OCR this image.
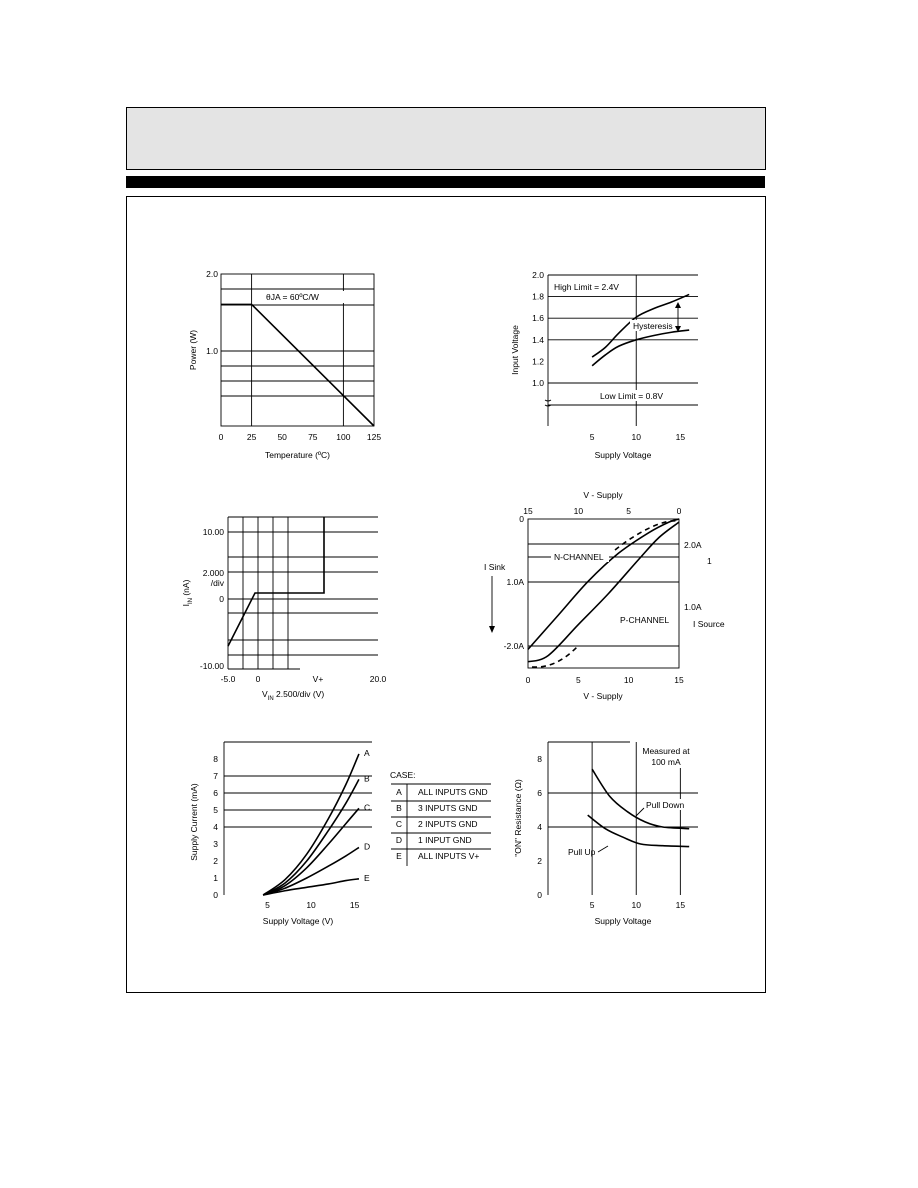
0	25 50 75 100 125
2.0
1.0
Temperature (ºC)
Power (W)
θJA = 60ºC/W
2.0
1.8
1.6
1.4
1.2
1.0
5	10	15
Supply Voltage
Input Voltage
High Limit = 2.4V
Hysteresis
Low Limit = 0.8V
10.00
2.000
/div
0
-10.00
-5.0 0	V+	20.0
$V_{IN}$ 2.500/div (V)
$I_{IN}$ (nA)
0	5	10	15
15	10	5	0
V - Supply
V - Supply
0
1.0A
-2.0A
2.0A
1.0A
I Sink
I Source
N-CHANNEL
P-CHANNEL
1
A
B
C
D
E
8
7
6
5
4
3
2
1
0
5	10	15
Supply Voltage (V)
Supply Current (mA)
CASE:
A ALL INPUTS GND
B 3 INPUTS GND
C 2 INPUTS GND
D 1 INPUT GND
E ALL INPUTS V+
8
6
4
2
0
5	10	15
Supply Voltage
"ON" Resistance (Ω)
Measured at
100 mA
Pull Down
Pull Up
